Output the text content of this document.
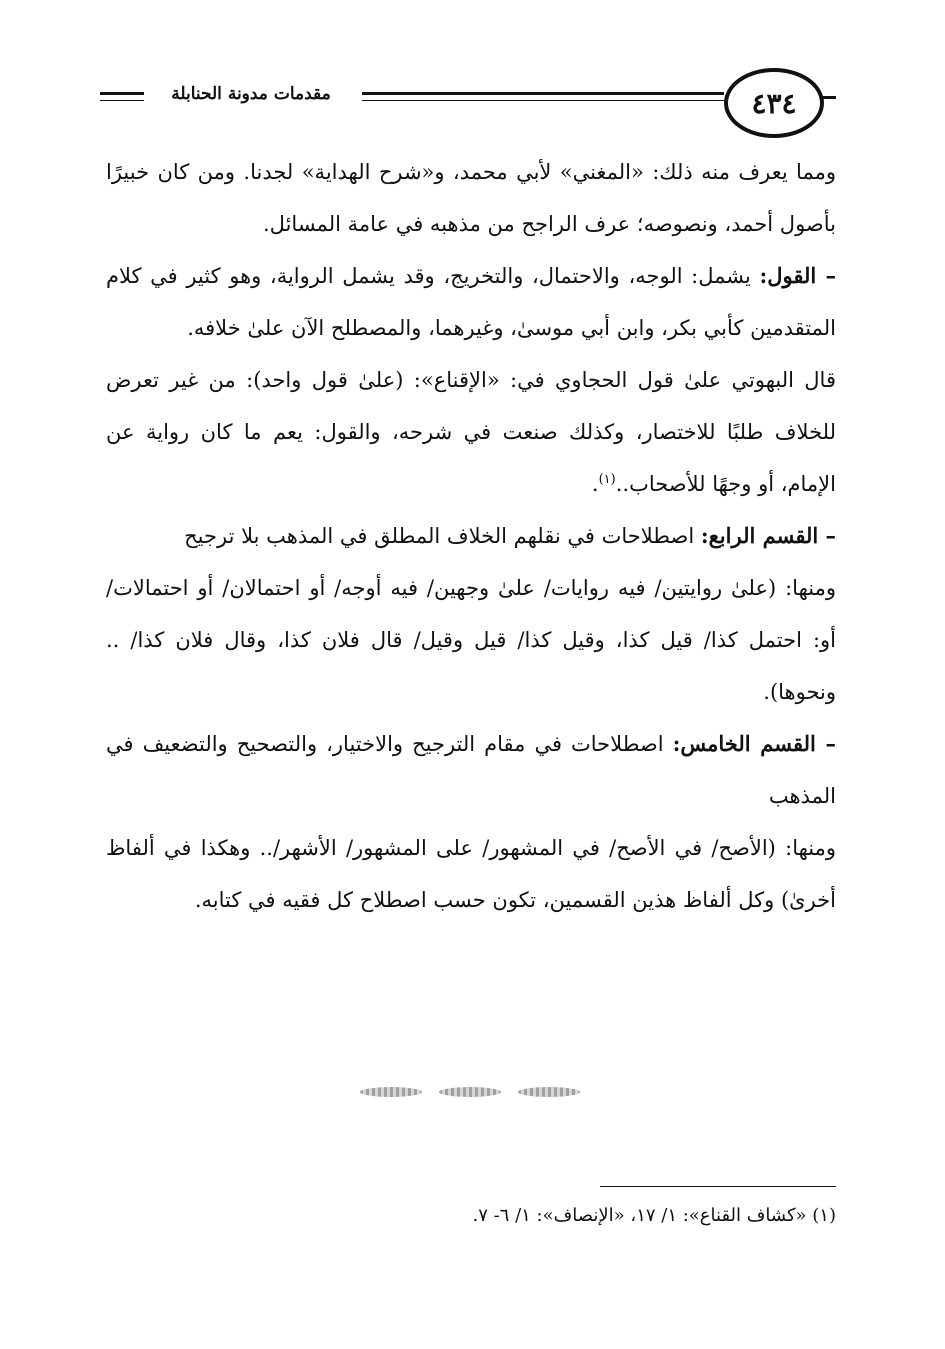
مقدمات مدونة الحنابلة	٤٣٤

ومما يعرف منه ذلك: «المغني» لأبي محمد، و«شرح الهداية» لجدنا. ومن كان خبيرًا بأصول أحمد، ونصوصه؛ عرف الراجح من مذهبه في عامة المسائل.

– القول: يشمل: الوجه، والاحتمال، والتخريج، وقد يشمل الرواية، وهو كثير في كلام المتقدمين كأبي بكر، وابن أبي موسىٰ، وغيرهما، والمصطلح الآن علىٰ خلافه.

قال البهوتي علىٰ قول الحجاوي في: «الإقناع»: (علىٰ قول واحد): من غير تعرض للخلاف طلبًا للاختصار، وكذلك صنعت في شرحه، والقول: يعم ما كان رواية عن الإمام، أو وجهًا للأصحاب..$^{(١)}$.

– القسم الرابع: اصطلاحات في نقلهم الخلاف المطلق في المذهب بلا ترجيح

ومنها: (علىٰ روايتين/ فيه روايات/ علىٰ وجهين/ فيه أوجه/ أو احتمالان/ أو احتمالات/ أو: احتمل كذا/ قيل كذا، وقيل كذا/ قيل وقيل/ قال فلان كذا، وقال فلان كذا/ .. ونحوها).

– القسم الخامس: اصطلاحات في مقام الترجيح والاختيار، والتصحيح والتضعيف في المذهب

ومنها: (الأصح/ في الأصح/ في المشهور/ على المشهور/ الأشهر/.. وهكذا في ألفاظ أخرىٰ) وكل ألفاظ هذين القسمين، تكون حسب اصطلاح كل فقيه في كتابه.

(١) «كشاف القناع»: ١/ ١٧، «الإنصاف»: ١/ ٦- ٧.
